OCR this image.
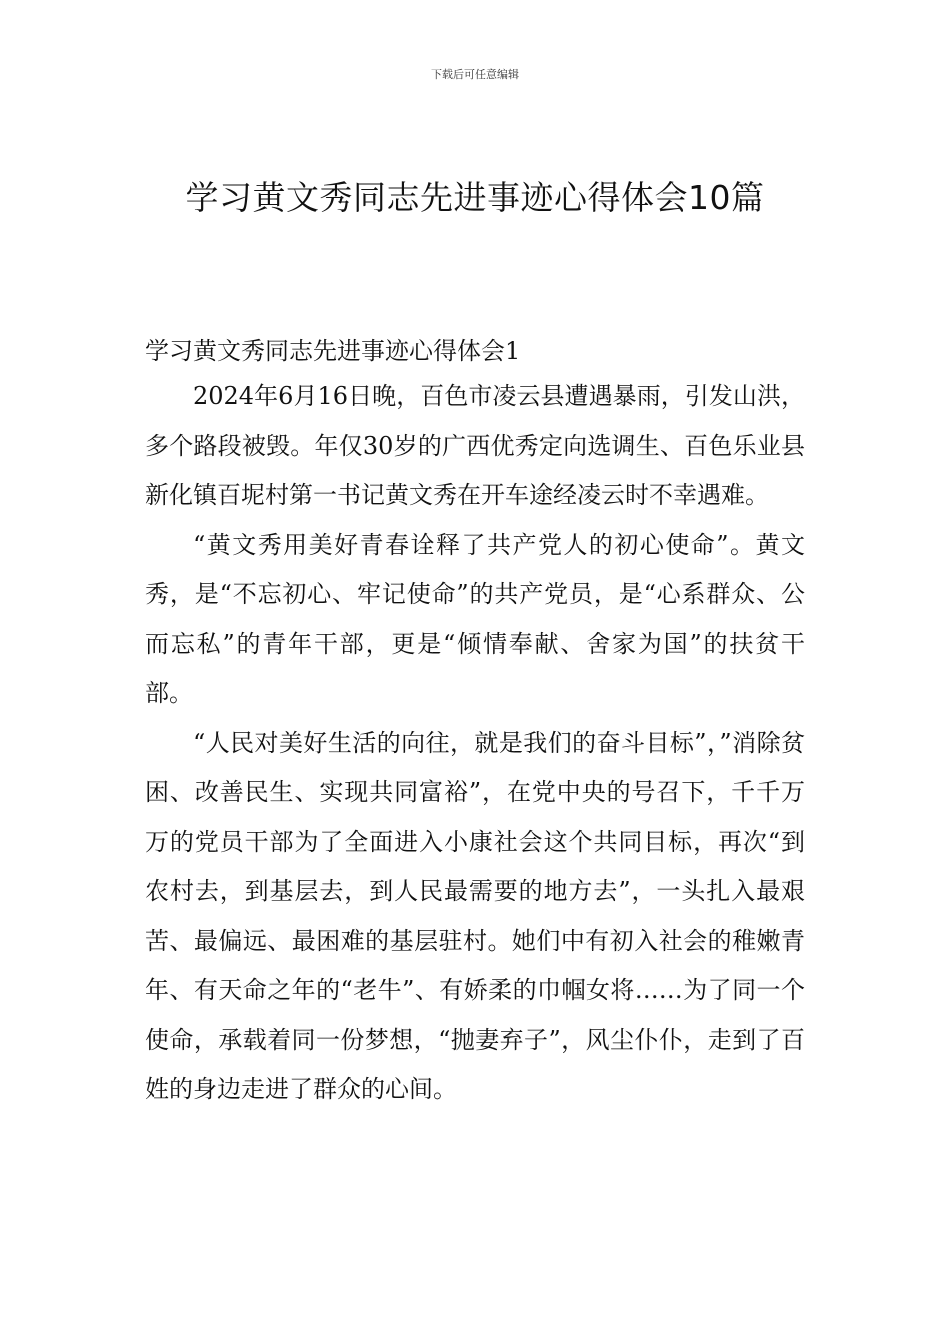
下载后可任意编辑
学习黄文秀同志先进事迹心得体会10篇
学习黄文秀同志先进事迹心得体会1

2024年6月16日晚，百色市凌云县遭遇暴雨，引发山洪，多个路段被毁。年仅30岁的广西优秀定向选调生、百色乐业县新化镇百坭村第一书记黄文秀在开车途经凌云时不幸遇难。

“黄文秀用美好青春诠释了共产党人的初心使命”。黄文秀，是“不忘初心、牢记使命”的共产党员，是“心系群众、公而忘私”的青年干部，更是“倾情奉献、舍家为国”的扶贫干部。

“人民对美好生活的向往，就是我们的奋斗目标”，”消除贫困、改善民生、实现共同富裕”，在党中央的号召下，千千万万的党员干部为了全面进入小康社会这个共同目标，再次“到农村去，到基层去，到人民最需要的地方去”，一头扎入最艰苦、最偏远、最困难的基层驻村。她们中有初入社会的稚嫩青年、有天命之年的“老牛”、有娇柔的巾帼女将……为了同一个使命，承载着同一份梦想，“抛妻弃子”，风尘仆仆，走到了百姓的身边走进了群众的心间。
